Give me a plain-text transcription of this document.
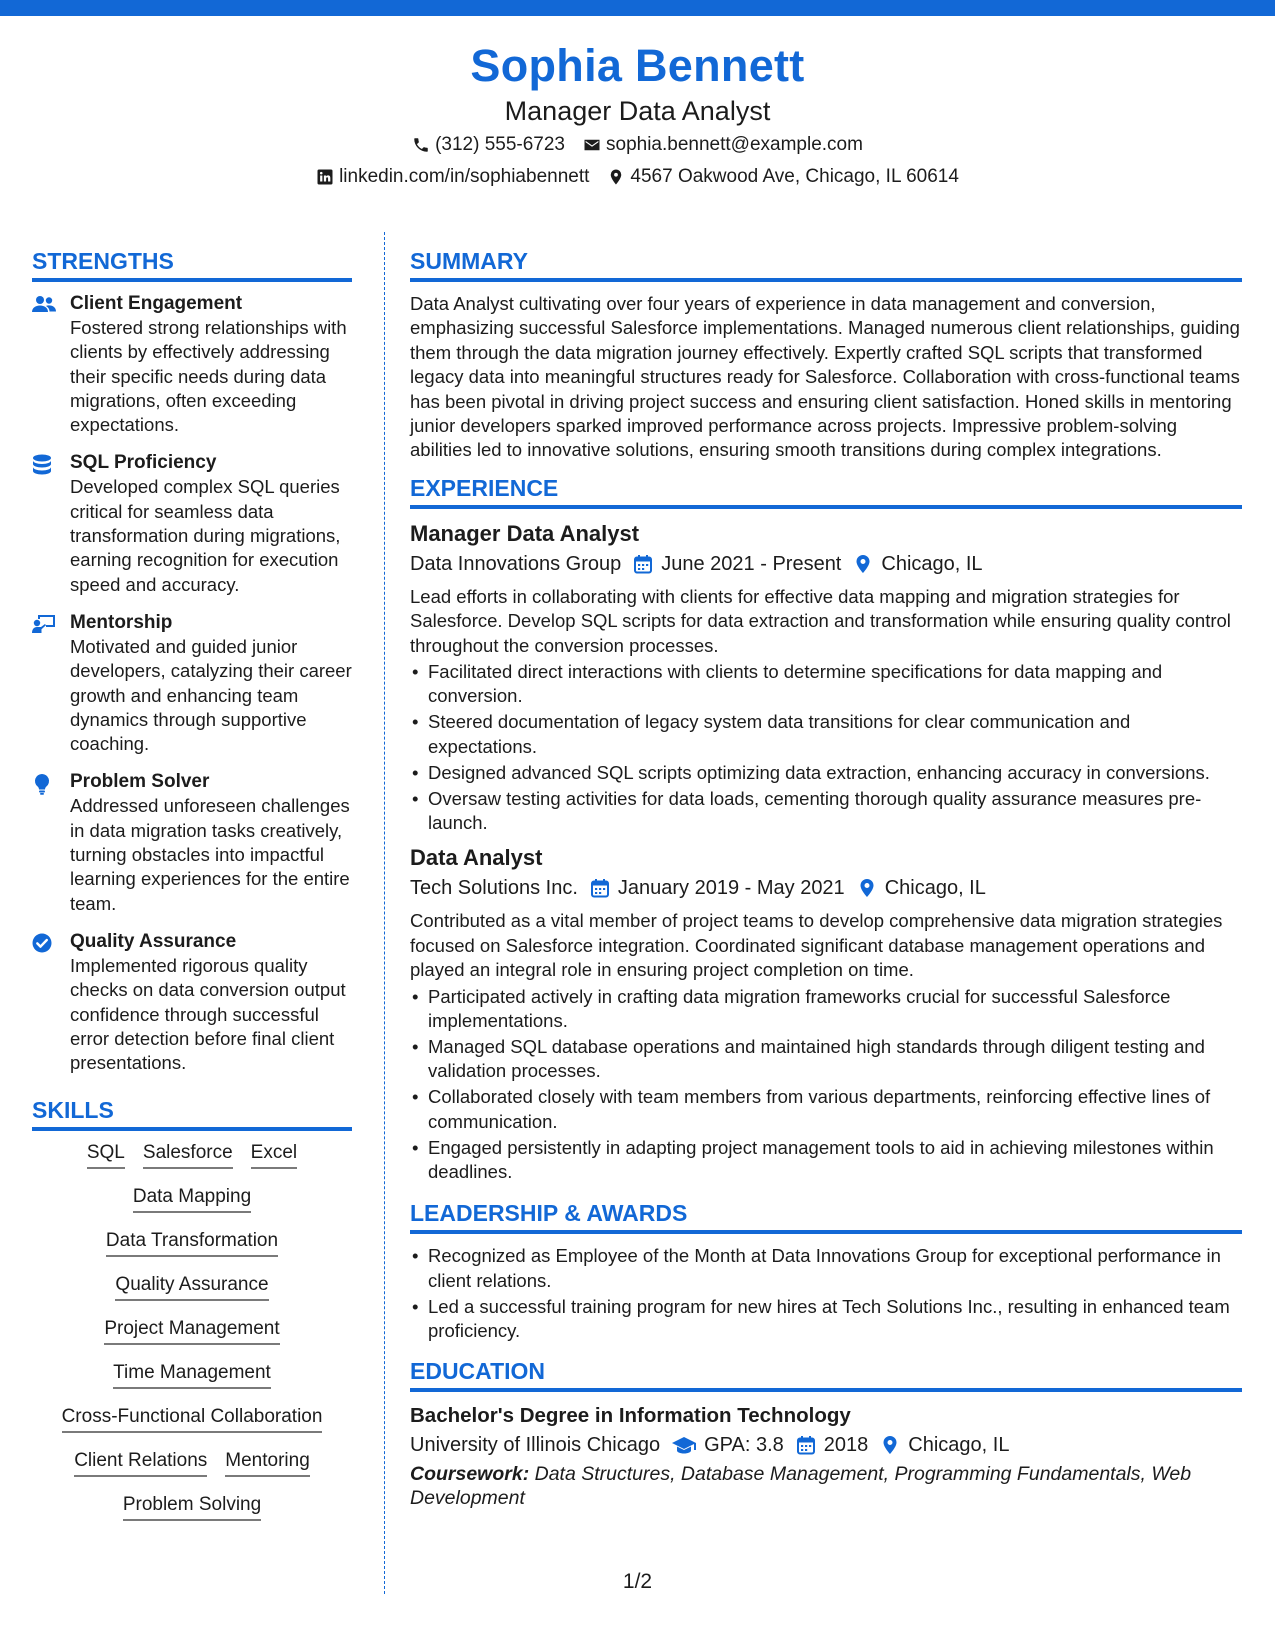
Sophia Bennett
Manager Data Analyst
(312) 555-6723 sophia.bennett@example.com
linkedin.com/in/sophiabennett 4567 Oakwood Ave, Chicago, IL 60614
STRENGTHS
Client Engagement
Fostered strong relationships with clients by effectively addressing their specific needs during data migrations, often exceeding expectations.
SQL Proficiency
Developed complex SQL queries critical for seamless data transformation during migrations, earning recognition for execution speed and accuracy.
Mentorship
Motivated and guided junior developers, catalyzing their career growth and enhancing team dynamics through supportive coaching.
Problem Solver
Addressed unforeseen challenges in data migration tasks creatively, turning obstacles into impactful learning experiences for the entire team.
Quality Assurance
Implemented rigorous quality checks on data conversion output confidence through successful error detection before final client presentations.
SKILLS
SQL Salesforce Excel
Data Mapping
Data Transformation
Quality Assurance
Project Management
Time Management
Cross-Functional Collaboration
Client Relations Mentoring
Problem Solving
SUMMARY
Data Analyst cultivating over four years of experience in data management and conversion, emphasizing successful Salesforce implementations. Managed numerous client relationships, guiding them through the data migration journey effectively. Expertly crafted SQL scripts that transformed legacy data into meaningful structures ready for Salesforce. Collaboration with cross-functional teams has been pivotal in driving project success and ensuring client satisfaction. Honed skills in mentoring junior developers sparked improved performance across projects. Impressive problem-solving abilities led to innovative solutions, ensuring smooth transitions during complex integrations.
EXPERIENCE
Manager Data Analyst
Data Innovations Group June 2021 - Present Chicago, IL
Lead efforts in collaborating with clients for effective data mapping and migration strategies for Salesforce. Develop SQL scripts for data extraction and transformation while ensuring quality control throughout the conversion processes.
• Facilitated direct interactions with clients to determine specifications for data mapping and conversion.
• Steered documentation of legacy system data transitions for clear communication and expectations.
• Designed advanced SQL scripts optimizing data extraction, enhancing accuracy in conversions.
• Oversaw testing activities for data loads, cementing thorough quality assurance measures pre-launch.
Data Analyst
Tech Solutions Inc. January 2019 - May 2021 Chicago, IL
Contributed as a vital member of project teams to develop comprehensive data migration strategies focused on Salesforce integration. Coordinated significant database management operations and played an integral role in ensuring project completion on time.
• Participated actively in crafting data migration frameworks crucial for successful Salesforce implementations.
• Managed SQL database operations and maintained high standards through diligent testing and validation processes.
• Collaborated closely with team members from various departments, reinforcing effective lines of communication.
• Engaged persistently in adapting project management tools to aid in achieving milestones within deadlines.
LEADERSHIP & AWARDS
• Recognized as Employee of the Month at Data Innovations Group for exceptional performance in client relations.
• Led a successful training program for new hires at Tech Solutions Inc., resulting in enhanced team proficiency.
EDUCATION
Bachelor's Degree in Information Technology
University of Illinois Chicago GPA: 3.8 2018 Chicago, IL
Coursework: Data Structures, Database Management, Programming Fundamentals, Web Development
1/2
